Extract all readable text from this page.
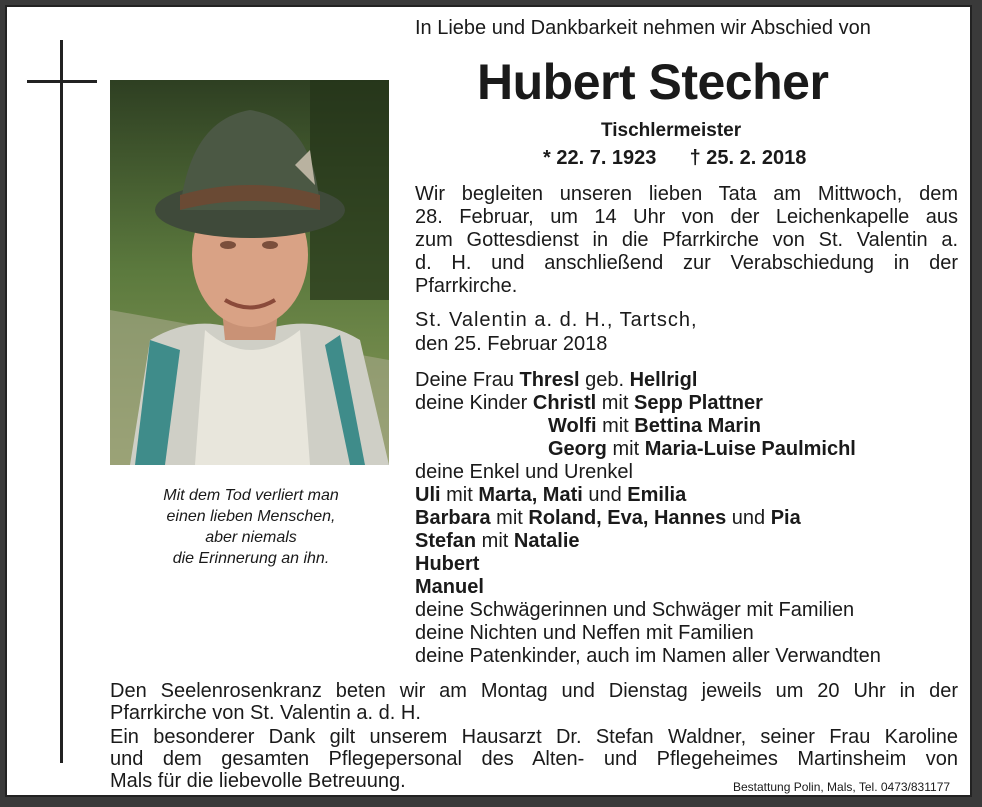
Mit dem Tod verliert man
einen lieben Menschen,
aber niemals
die Erinnerung an ihn.
In Liebe und Dankbarkeit nehmen wir Abschied von
Hubert Stecher
Tischlermeister
* 22. 7. 1923 † 25. 2. 2018
Wir begleiten unseren lieben Tata am Mittwoch, dem
28. Februar, um 14 Uhr von der Leichenkapelle aus
zum Gottesdienst in die Pfarrkirche von St. Valentin a.
d. H. und anschließend zur Verabschiedung in der
Pfarrkirche.
St. Valentin a. d. H., Tartsch,
den 25. Februar 2018
Deine Frau Thresl geb. Hellrigl
deine Kinder Christl mit Sepp Plattner
Wolfi mit Bettina Marin
Georg mit Maria-Luise Paulmichl
deine Enkel und Urenkel
Uli mit Marta, Mati und Emilia
Barbara mit Roland, Eva, Hannes und Pia
Stefan mit Natalie
Hubert
Manuel
deine Schwägerinnen und Schwäger mit Familien
deine Nichten und Neffen mit Familien
deine Patenkinder, auch im Namen aller Verwandten
Den Seelenrosenkranz beten wir am Montag und Dienstag jeweils um 20 Uhr in der
Pfarrkirche von St. Valentin a. d. H.
Ein besonderer Dank gilt unserem Hausarzt Dr. Stefan Waldner, seiner Frau Karoline
und dem gesamten Pflegepersonal des Alten- und Pflegeheimes Martinsheim von
Mals für die liebevolle Betreuung.	Bestattung Polin, Mals, Tel. 0473/831177
